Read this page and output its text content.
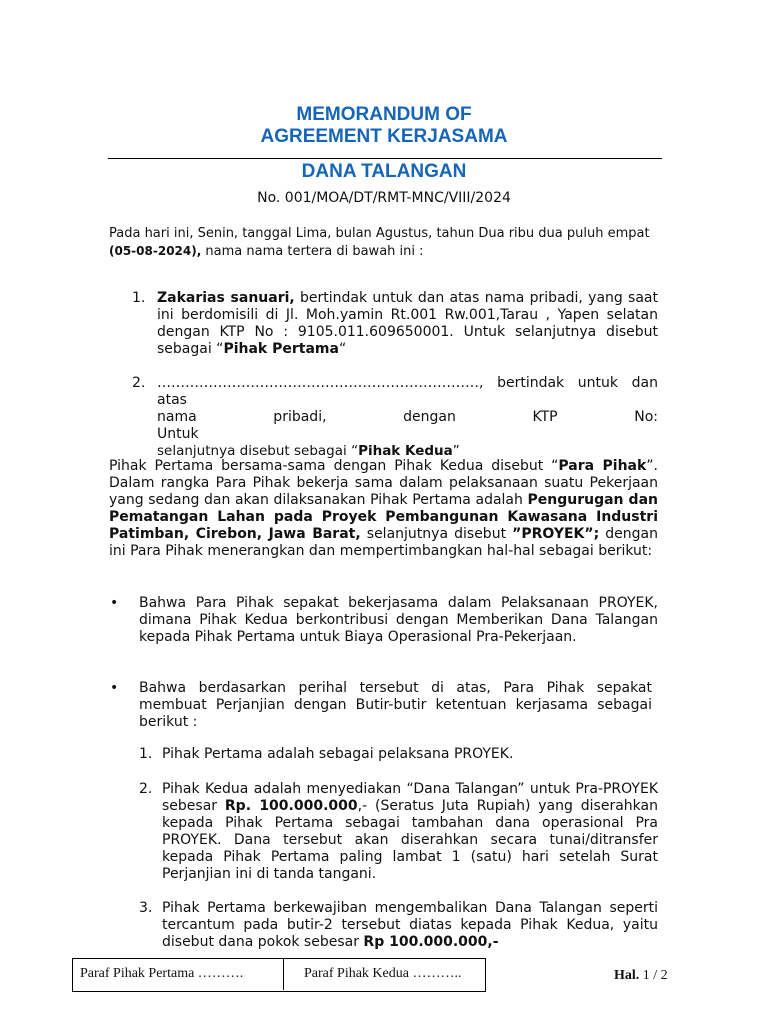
MEMORANDUM OF
AGREEMENT KERJASAMA
DANA TALANGAN
No. 001/MOA/DT/RMT-MNC/VIII/2024
Pada hari ini, Senin, tanggal Lima, bulan Agustus, tahun Dua ribu dua puluh empat
(05-08-2024), nama nama tertera di bawah ini :
1. Zakarias sanuari, bertindak untuk dan atas nama pribadi, yang saat ini berdomisili di Jl. Moh.yamin Rt.001 Rw.001,Tarau , Yapen selatan dengan KTP No : 9105.011.609650001. Untuk selanjutnya disebut sebagai “Pihak Pertama“
2. ……………………………………………………………, bertindak untuk dan atas
nama pribadi, dengan KTP No:
Untuk
selanjutnya disebut sebagai “Pihak Kedua”
Pihak Pertama bersama-sama dengan Pihak Kedua disebut “Para Pihak”. Dalam rangka Para Pihak bekerja sama dalam pelaksanaan suatu Pekerjaan yang sedang dan akan dilaksanakan Pihak Pertama adalah Pengurugan dan Pematangan Lahan pada Proyek Pembangunan Kawasana Industri Patimban, Cirebon, Jawa Barat, selanjutnya disebut ”PROYEK”; dengan ini Para Pihak menerangkan dan mempertimbangkan hal-hal sebagai berikut:
• Bahwa Para Pihak sepakat bekerjasama dalam Pelaksanaan PROYEK, dimana Pihak Kedua berkontribusi dengan Memberikan Dana Talangan kepada Pihak Pertama untuk Biaya Operasional Pra-Pekerjaan.
• Bahwa berdasarkan perihal tersebut di atas, Para Pihak sepakat membuat Perjanjian dengan Butir-butir ketentuan kerjasama sebagai berikut :
1. Pihak Pertama adalah sebagai pelaksana PROYEK.
2. Pihak Kedua adalah menyediakan “Dana Talangan” untuk Pra-PROYEK sebesar Rp. 100.000.000,- (Seratus Juta Rupiah) yang diserahkan kepada Pihak Pertama sebagai tambahan dana operasional Pra PROYEK. Dana tersebut akan diserahkan secara tunai/ditransfer kepada Pihak Pertama paling lambat 1 (satu) hari setelah Surat Perjanjian ini di tanda tangani.
3. Pihak Pertama berkewajiban mengembalikan Dana Talangan seperti tercantum pada butir-2 tersebut diatas kepada Pihak Kedua, yaitu disebut dana pokok sebesar Rp 100.000.000,-
Paraf Pihak Pertama ……….	Paraf Pihak Kedua ………..	Hal. 1 / 2
